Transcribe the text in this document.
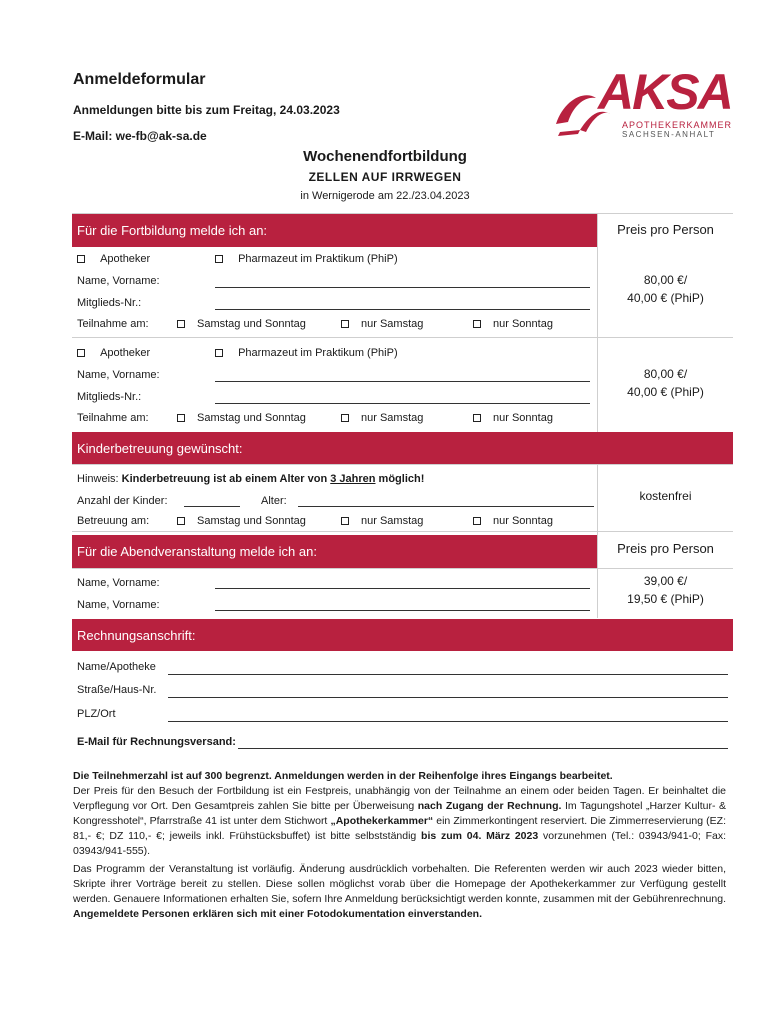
Anmeldeformular
Anmeldungen bitte bis zum Freitag, 24.03.2023
E-Mail: we-fb@ak-sa.de
AKSA
APOTHEKERKAMMER
SACHSEN-ANHALT
Wochenendfortbildung
ZELLEN AUF IRRWEGEN
in Wernigerode am 22./23.04.2023
Für die Fortbildung melde ich an:	Preis pro Person
Apotheker	Pharmazeut im Praktikum (PhiP)
Name, Vorname:
Mitglieds-Nr.:
Teilnahme am:	Samstag und Sonntag	nur Samstag	nur Sonntag
80,00 €/
40,00 € (PhiP)
Apotheker	Pharmazeut im Praktikum (PhiP)
Name, Vorname:
Mitglieds-Nr.:
Teilnahme am:	Samstag und Sonntag	nur Samstag	nur Sonntag
80,00 €/
40,00 € (PhiP)
Kinderbetreuung gewünscht:
Hinweis: Kinderbetreuung ist ab einem Alter von 3 Jahren möglich!
Anzahl der Kinder:	Alter:
Betreuung am:	Samstag und Sonntag	nur Samstag	nur Sonntag
kostenfrei
Für die Abendveranstaltung melde ich an:	Preis pro Person
Name, Vorname:
Name, Vorname:
39,00 €/
19,50 € (PhiP)
Rechnungsanschrift:
Name/Apotheke
Straße/Haus-Nr.
PLZ/Ort
E-Mail für Rechnungsversand:
Die Teilnehmerzahl ist auf 300 begrenzt. Anmeldungen werden in der Reihenfolge ihres Eingangs bearbeitet.
Der Preis für den Besuch der Fortbildung ist ein Festpreis, unabhängig von der Teilnahme an einem oder beiden Tagen. Er beinhaltet die Verpflegung vor Ort. Den Gesamtpreis zahlen Sie bitte per Überweisung nach Zugang der Rechnung. Im Tagungshotel „Harzer Kultur- & Kongresshotel“, Pfarrstraße 41 ist unter dem Stichwort „Apothekerkammer“ ein Zimmerkontingent reserviert. Die Zimmerreservierung (EZ: 81,- €; DZ 110,- €; jeweils inkl. Frühstücksbuffet) ist bitte selbstständig bis zum 04. März 2023 vorzunehmen (Tel.: 03943/941-0; Fax: 03943/941-555).
Das Programm der Veranstaltung ist vorläufig. Änderung ausdrücklich vorbehalten. Die Referenten werden wir auch 2023 wieder bitten, Skripte ihrer Vorträge bereit zu stellen. Diese sollen möglichst vorab über die Homepage der Apothekerkammer zur Verfügung gestellt werden. Genauere Informationen erhalten Sie, sofern Ihre Anmeldung berücksichtigt werden konnte, zusammen mit der Gebührenrechnung. Angemeldete Personen erklären sich mit einer Fotodokumentation einverstanden.
